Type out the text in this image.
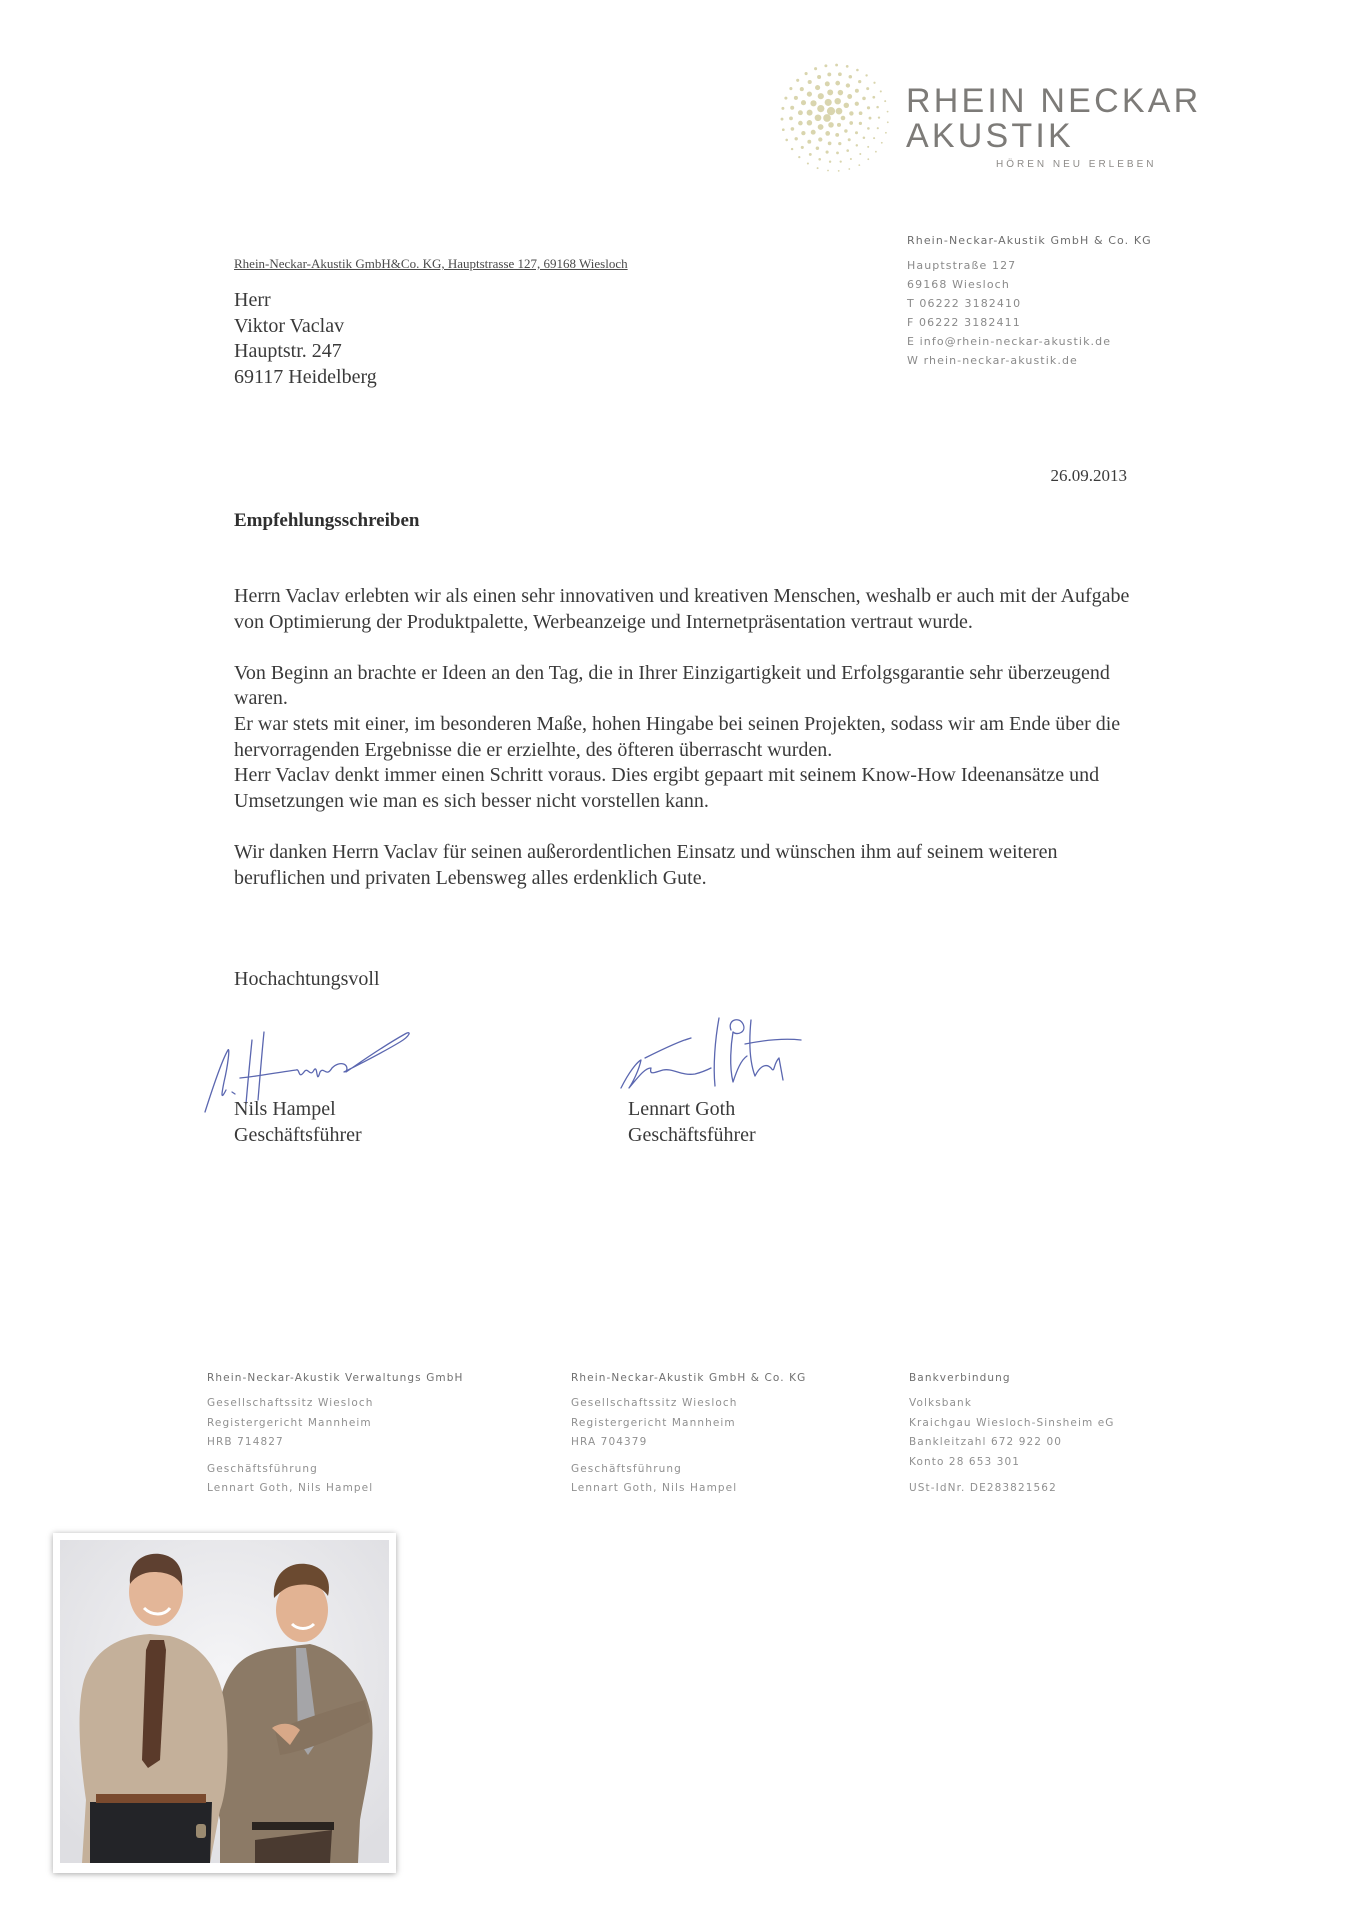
RHEIN NECKAR
AKUSTIK
HÖREN NEU ERLEBEN
Rhein-Neckar-Akustik GmbH & Co. KG
Hauptstraße 127
69168 Wiesloch
T 06222 3182410
F 06222 3182411
E info@rhein-neckar-akustik.de
W rhein-neckar-akustik.de
Rhein-Neckar-Akustik GmbH&Co. KG, Hauptstrasse 127, 69168 Wiesloch
Herr
Viktor Vaclav
Hauptstr. 247
69117 Heidelberg
26.09.2013
Empfehlungsschreiben

Herrn Vaclav erlebten wir als einen sehr innovativen und kreativen Menschen, weshalb er auch mit der Aufgabe von Optimierung der Produktpalette, Werbeanzeige und Internetpräsentation vertraut wurde.

Von Beginn an brachte er Ideen an den Tag, die in Ihrer Einzigartigkeit und Erfolgsgarantie sehr überzeugend waren.
Er war stets mit einer, im besonderen Maße, hohen Hingabe bei seinen Projekten, sodass wir am Ende über die hervorragenden Ergebnisse die er erzielhte, des öfteren überrascht wurden.
Herr Vaclav denkt immer einen Schritt voraus. Dies ergibt gepaart mit seinem Know-How Ideenansätze und Umsetzungen wie man es sich besser nicht vorstellen kann.

Wir danken Herrn Vaclav für seinen außerordentlichen Einsatz und wünschen ihm auf seinem weiteren beruflichen und privaten Lebensweg alles erdenklich Gute.

Hochachtungsvoll
Nils Hampel
Geschäftsführer
Lennart Goth
Geschäftsführer
Rhein-Neckar-Akustik Verwaltungs GmbH
Gesellschaftssitz Wiesloch
Registergericht Mannheim
HRB 714827
Geschäftsführung
Lennart Goth, Nils Hampel
Rhein-Neckar-Akustik GmbH & Co. KG
Gesellschaftssitz Wiesloch
Registergericht Mannheim
HRA 704379
Geschäftsführung
Lennart Goth, Nils Hampel
Bankverbindung
Volksbank
Kraichgau Wiesloch-Sinsheim eG
Bankleitzahl 672 922 00
Konto 28 653 301
USt-IdNr. DE283821562
